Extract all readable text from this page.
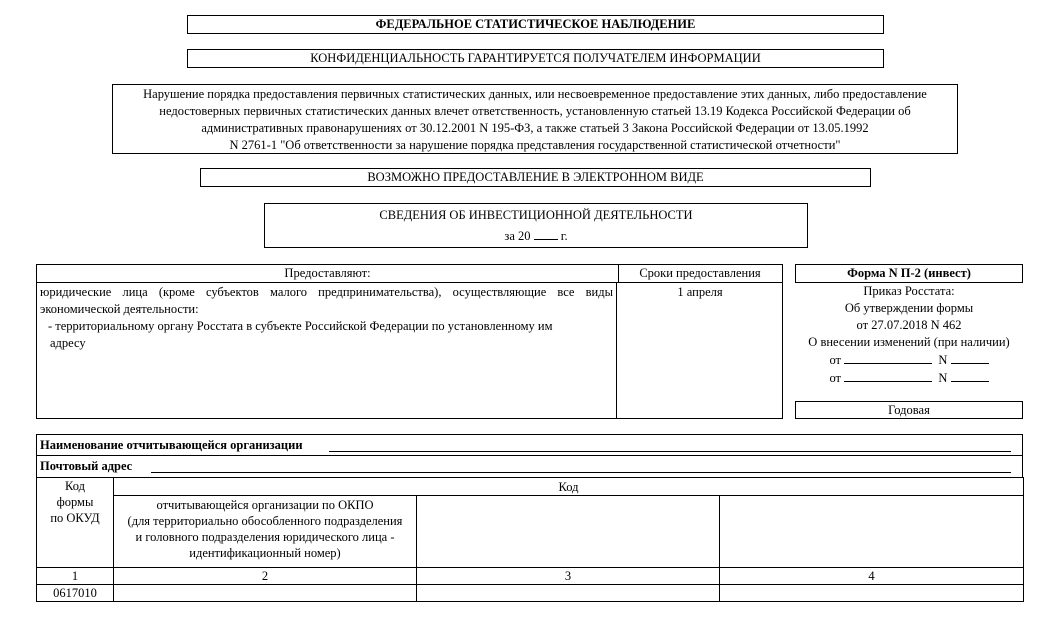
ФЕДЕРАЛЬНОЕ СТАТИСТИЧЕСКОЕ НАБЛЮДЕНИЕ
КОНФИДЕНЦИАЛЬНОСТЬ ГАРАНТИРУЕТСЯ ПОЛУЧАТЕЛЕМ ИНФОРМАЦИИ
Нарушение порядка предоставления первичных статистических данных, или несвоевременное предоставление этих данных, либо предоставление
недостоверных первичных статистических данных влечет ответственность, установленную статьей 13.19 Кодекса Российской Федерации об
административных правонарушениях от 30.12.2001 N 195-ФЗ, а также статьей 3 Закона Российской Федерации от 13.05.1992
N 2761-1 "Об ответственности за нарушение порядка представления государственной статистической отчетности"
ВОЗМОЖНО ПРЕДОСТАВЛЕНИЕ В ЭЛЕКТРОННОМ ВИДЕ
СВЕДЕНИЯ ОБ ИНВЕСТИЦИОННОЙ ДЕЯТЕЛЬНОСТИ
за 20 г.
Предоставляют:	Сроки предоставления
юридические лица (кроме субъектов малого предпринимательства), осуществляющие все виды
экономической деятельности:
- территориальному органу Росстата в субъекте Российской Федерации по установленному им
адресу
1 апреля
Форма N П-2 (инвест)
Приказ Росстата:
Об утверждении формы
от 27.07.2018 N 462
О внесении изменений (при наличии)
от	N
от	N
Годовая
Наименование отчитывающейся организации
Почтовый адрес
Код
формы
по ОКУД	Код		

	отчитывающейся организации по ОКПО
(для территориально обособленного подразделения
и головного подразделения юридического лица -
идентификационный номер)		

1	2	3	4
0617010			
